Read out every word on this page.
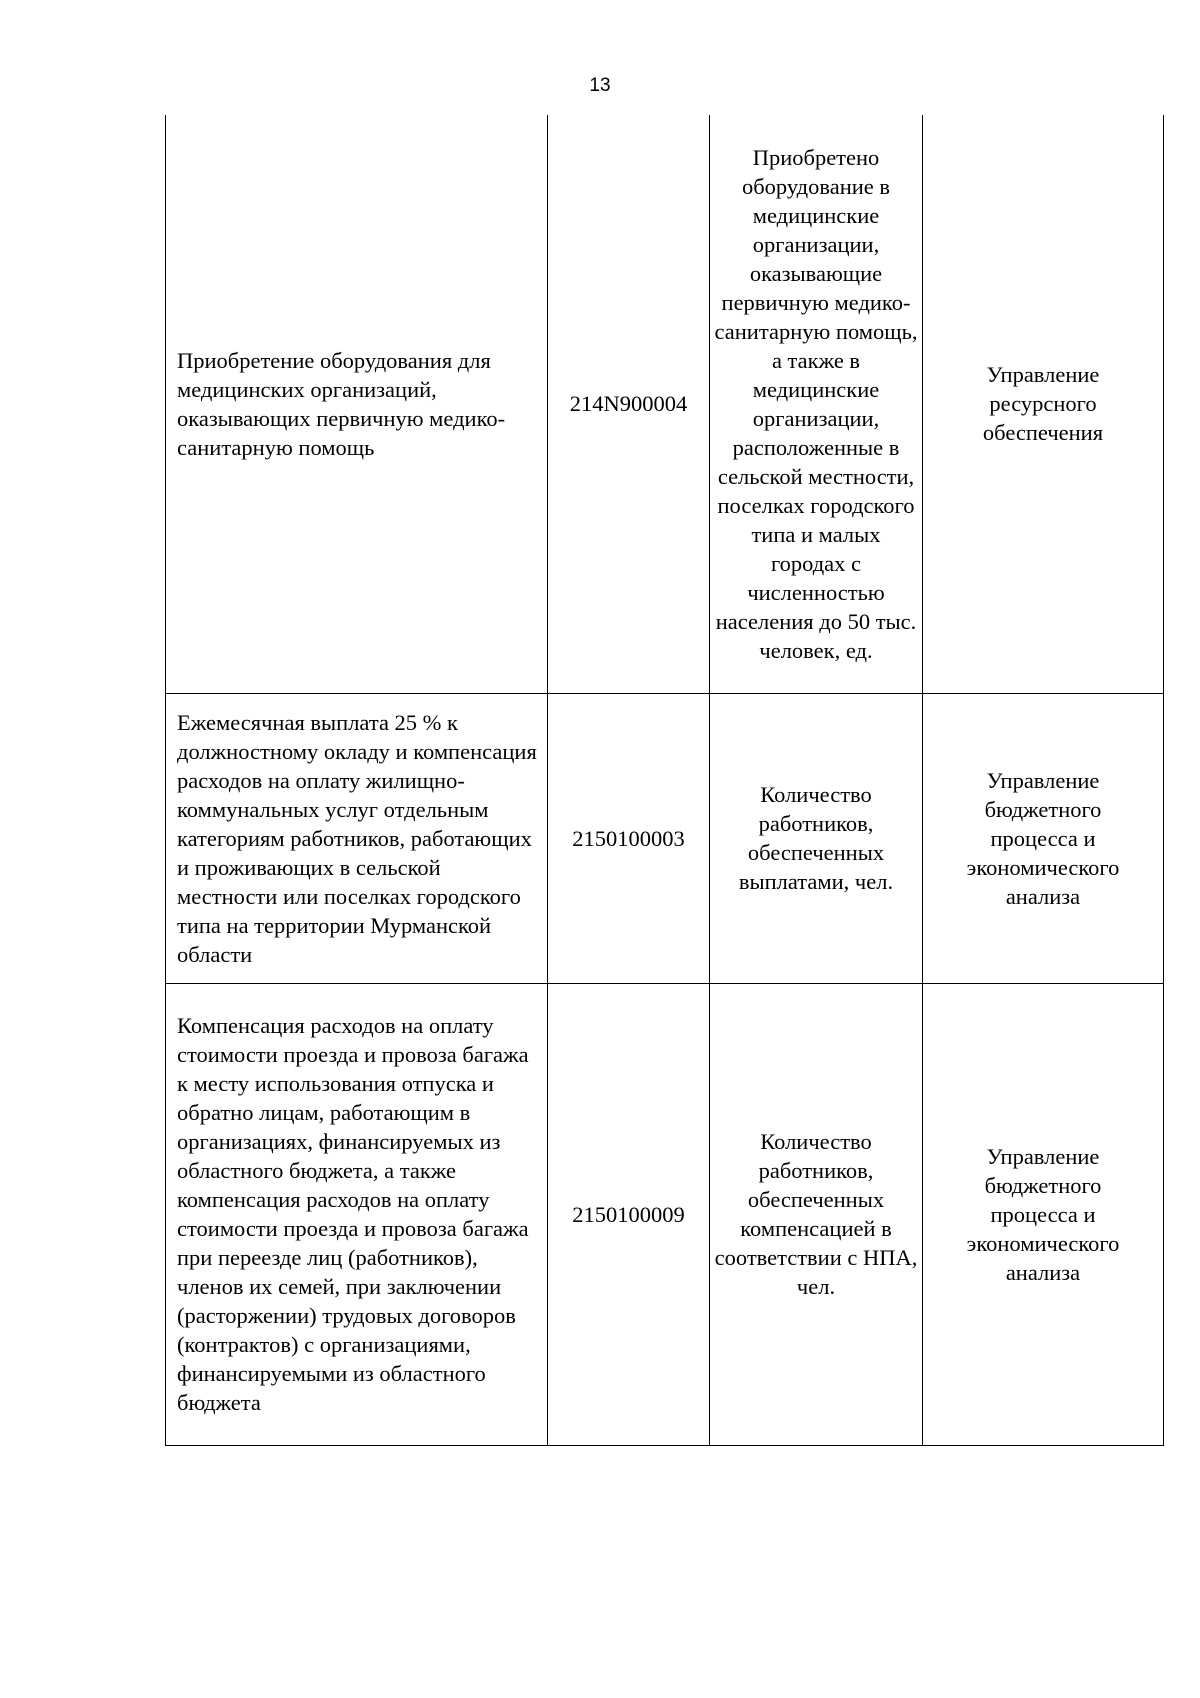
13
Приобретение оборудования для медицинских организаций, оказывающих первичную медико-санитарную помощь	214N900004	Приобретено оборудование в медицинские организации, оказывающие первичную медико-санитарную помощь, а также в медицинские организации, расположенные в сельской местности, поселках городского типа и малых городах с численностью населения до 50 тыс. человек, ед.	Управление ресурсного обеспечения
Ежемесячная выплата 25 % к должностному окладу и компенсация расходов на оплату жилищно-коммунальных услуг отдельным категориям работников, работающих и проживающих в сельской местности или поселках городского типа на территории Мурманской области	2150100003	Количество работников, обеспеченных выплатами, чел.	Управление бюджетного процесса и экономического анализа
Компенсация расходов на оплату стоимости проезда и провоза багажа к месту использования отпуска и обратно лицам, работающим в организациях, финансируемых из областного бюджета, а также компенсация расходов на оплату стоимости проезда и провоза багажа при переезде лиц (работников), членов их семей, при заключении (расторжении) трудовых договоров (контрактов) с организациями, финансируемыми из областного бюджета	2150100009	Количество работников, обеспеченных компенсацией в соответствии с НПА, чел.	Управление бюджетного процесса и экономического анализа
